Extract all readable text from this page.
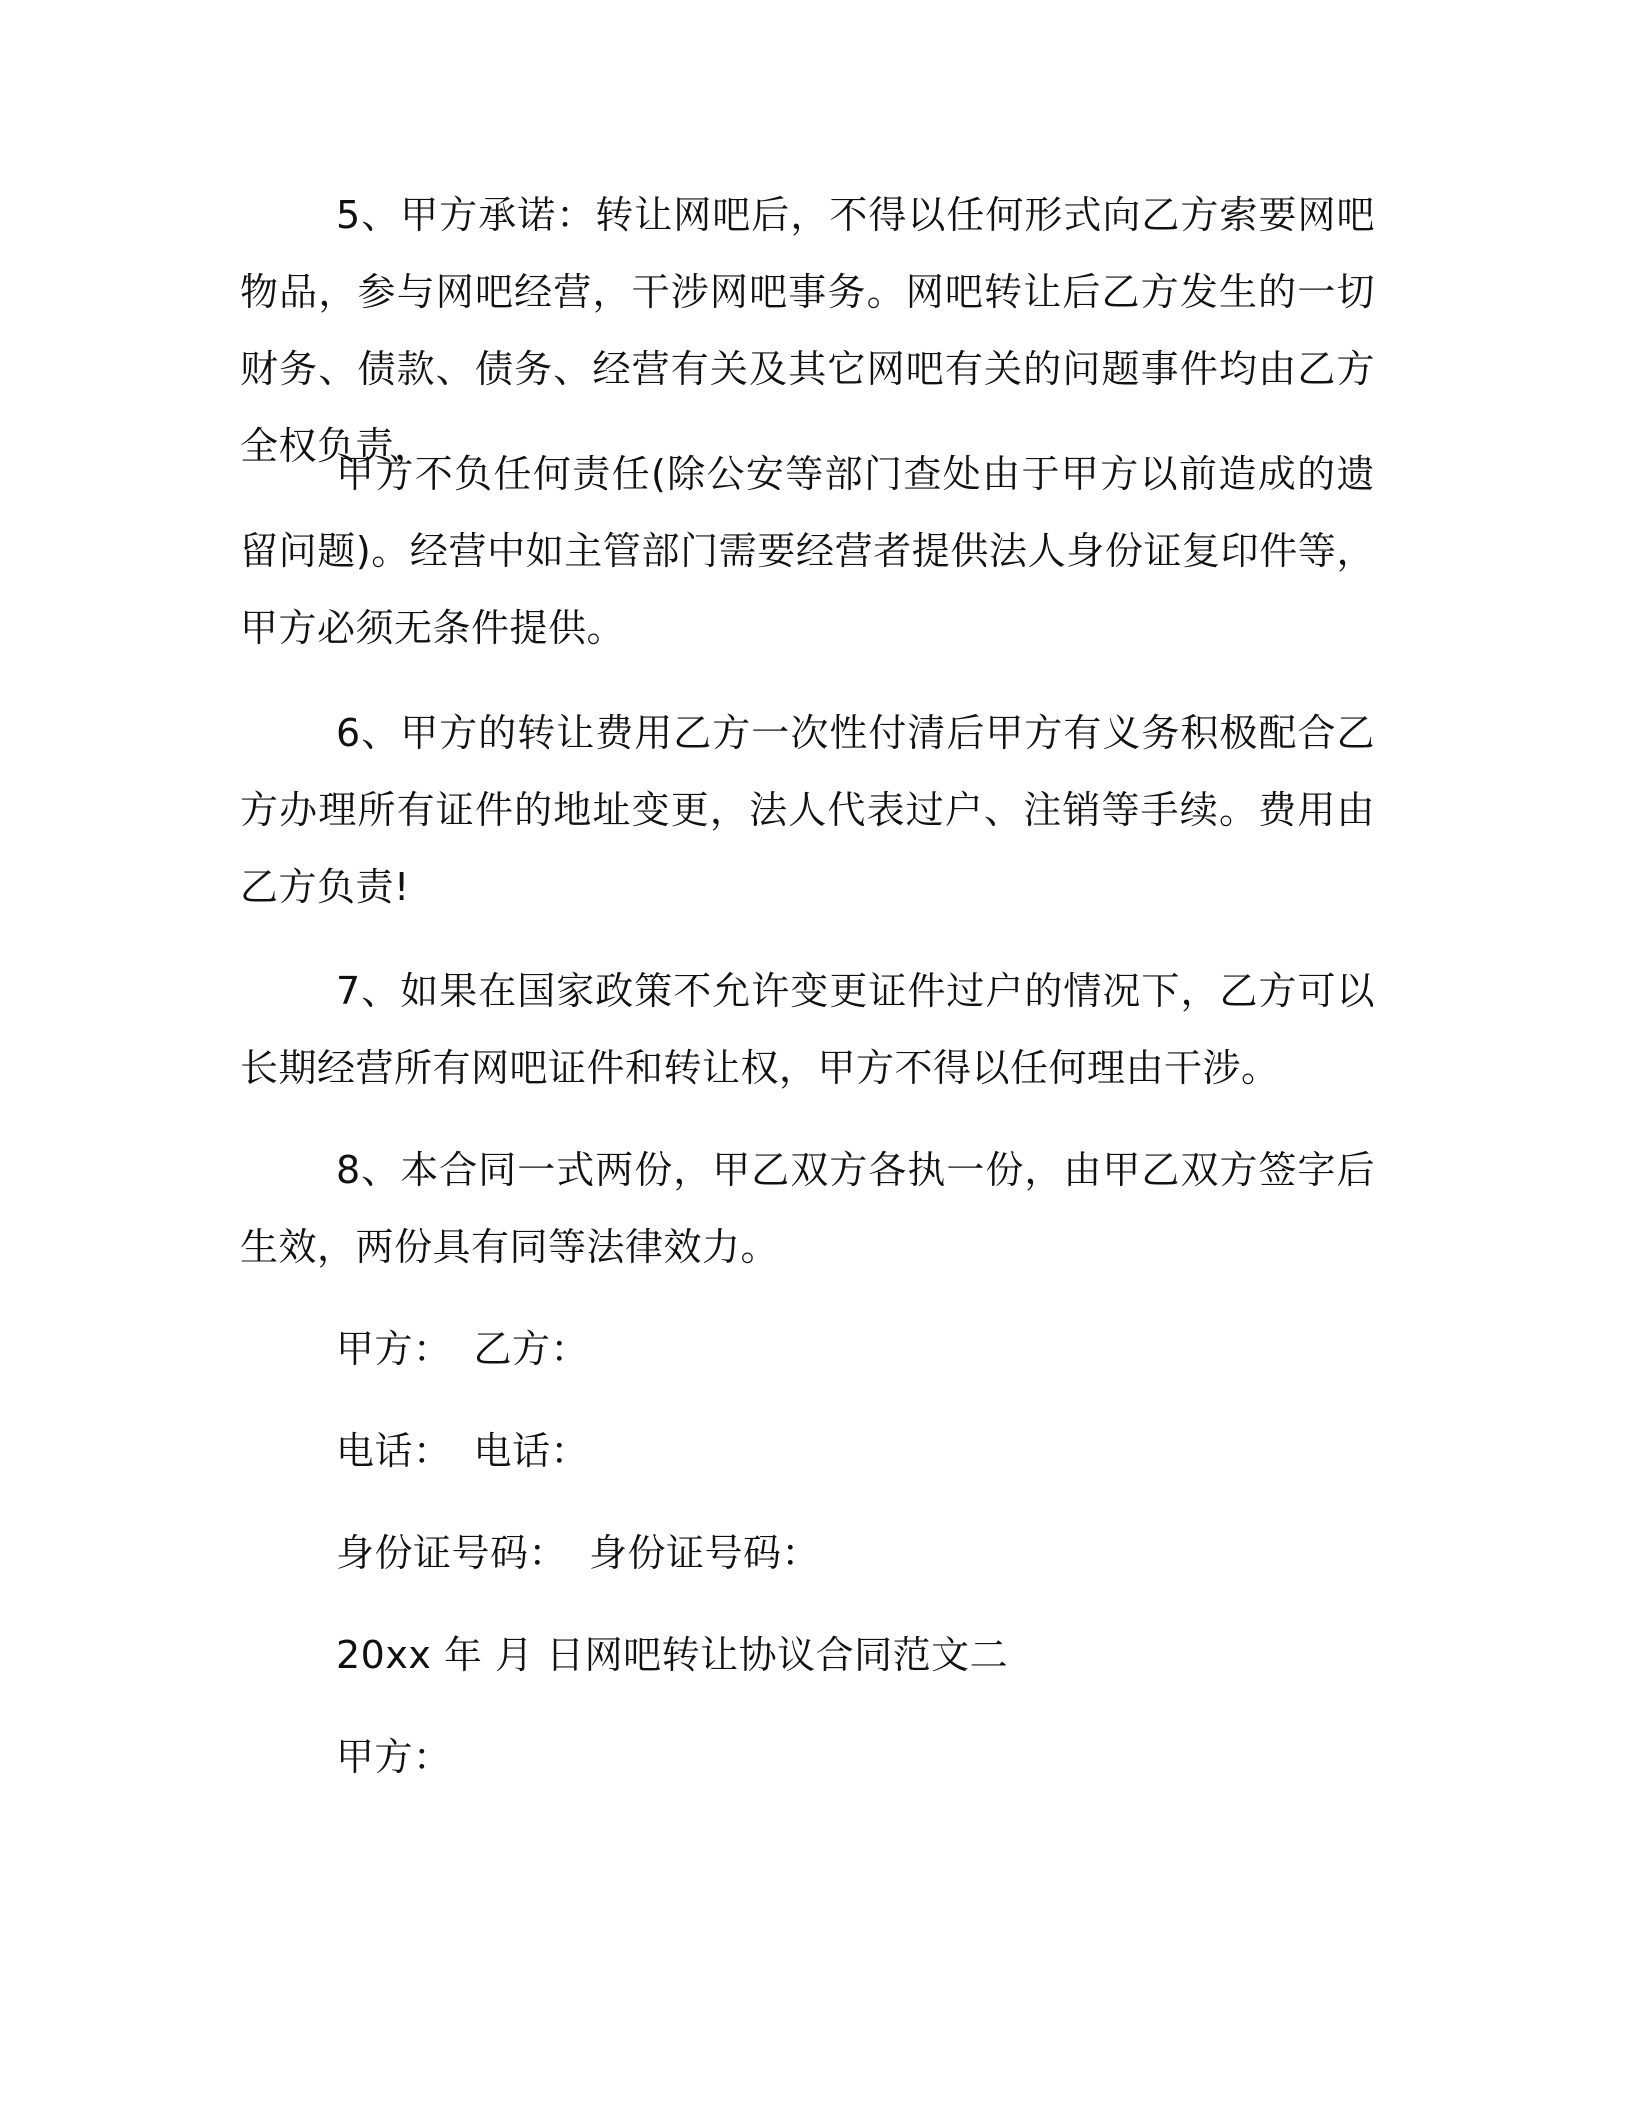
5、甲方承诺：转让网吧后，不得以任何形式向乙方索要网吧物品，参与网吧经营，干涉网吧事务。网吧转让后乙方发生的一切财务、债款、债务、经营有关及其它网吧有关的问题事件均由乙方全权负责，

甲方不负任何责任(除公安等部门查处由于甲方以前造成的遗留问题)。经营中如主管部门需要经营者提供法人身份证复印件等，甲方必须无条件提供。

6、甲方的转让费用乙方一次性付清后甲方有义务积极配合乙方办理所有证件的地址变更，法人代表过户、注销等手续。费用由乙方负责!

7、如果在国家政策不允许变更证件过户的情况下，乙方可以长期经营所有网吧证件和转让权，甲方不得以任何理由干涉。

8、本合同一式两份，甲乙双方各执一份，由甲乙双方签字后生效，两份具有同等法律效力。

甲方： 乙方：
电话： 电话：
身份证号码： 身份证号码：
20xx 年 月 日网吧转让协议合同范文二
甲方：
